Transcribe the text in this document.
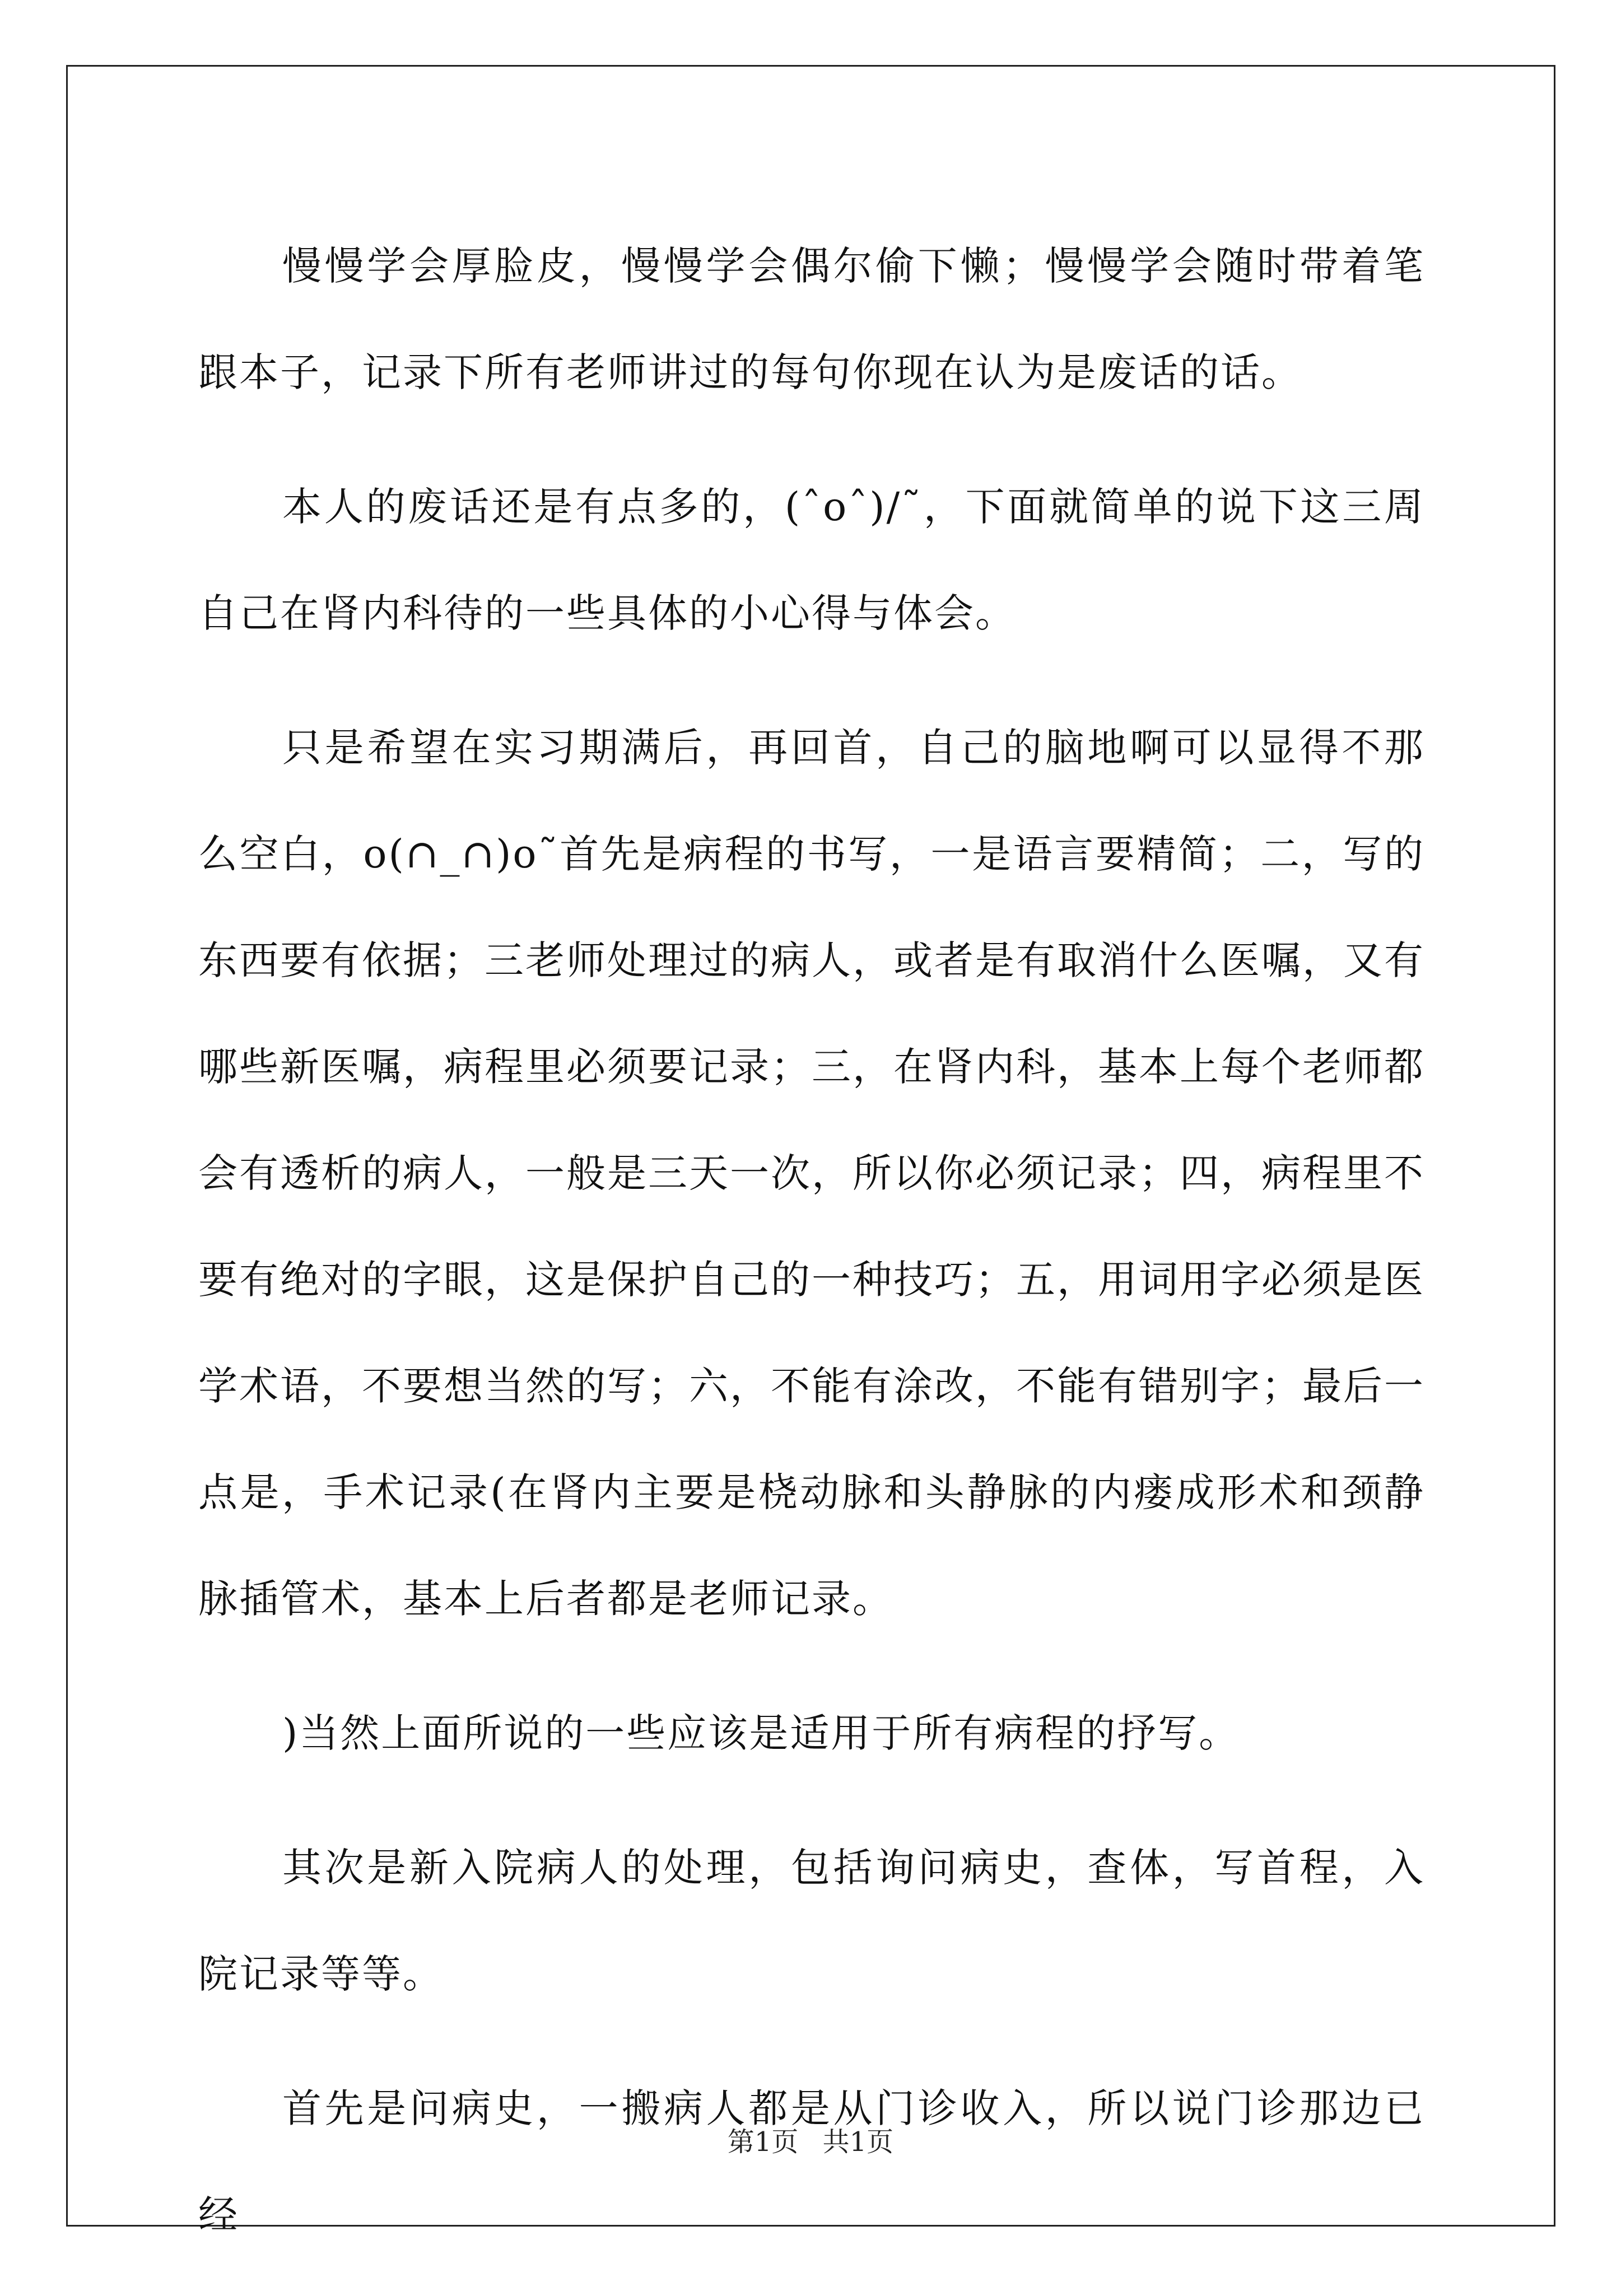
慢慢学会厚脸皮，慢慢学会偶尔偷下懒；慢慢学会随时带着笔跟本子，记录下所有老师讲过的每句你现在认为是废话的话。

本人的废话还是有点多的，(ˆoˆ)/˜，下面就简单的说下这三周自己在肾内科待的一些具体的小心得与体会。

只是希望在实习期满后，再回首，自己的脑地啊可以显得不那么空白，o(∩_∩)o˜首先是病程的书写，一是语言要精简；二，写的东西要有依据；三老师处理过的病人，或者是有取消什么医嘱，又有哪些新医嘱，病程里必须要记录；三，在肾内科，基本上每个老师都会有透析的病人，一般是三天一次，所以你必须记录；四，病程里不要有绝对的字眼，这是保护自己的一种技巧；五，用词用字必须是医学术语，不要想当然的写；六，不能有涂改，不能有错别字；最后一点是，手术记录(在肾内主要是桡动脉和头静脉的内瘘成形术和颈静脉插管术，基本上后者都是老师记录。

)当然上面所说的一些应该是适用于所有病程的抒写。

其次是新入院病人的处理，包括询问病史，查体，写首程，入院记录等等。

首先是问病史，一搬病人都是从门诊收入，所以说门诊那边已经

第1页 共1页
